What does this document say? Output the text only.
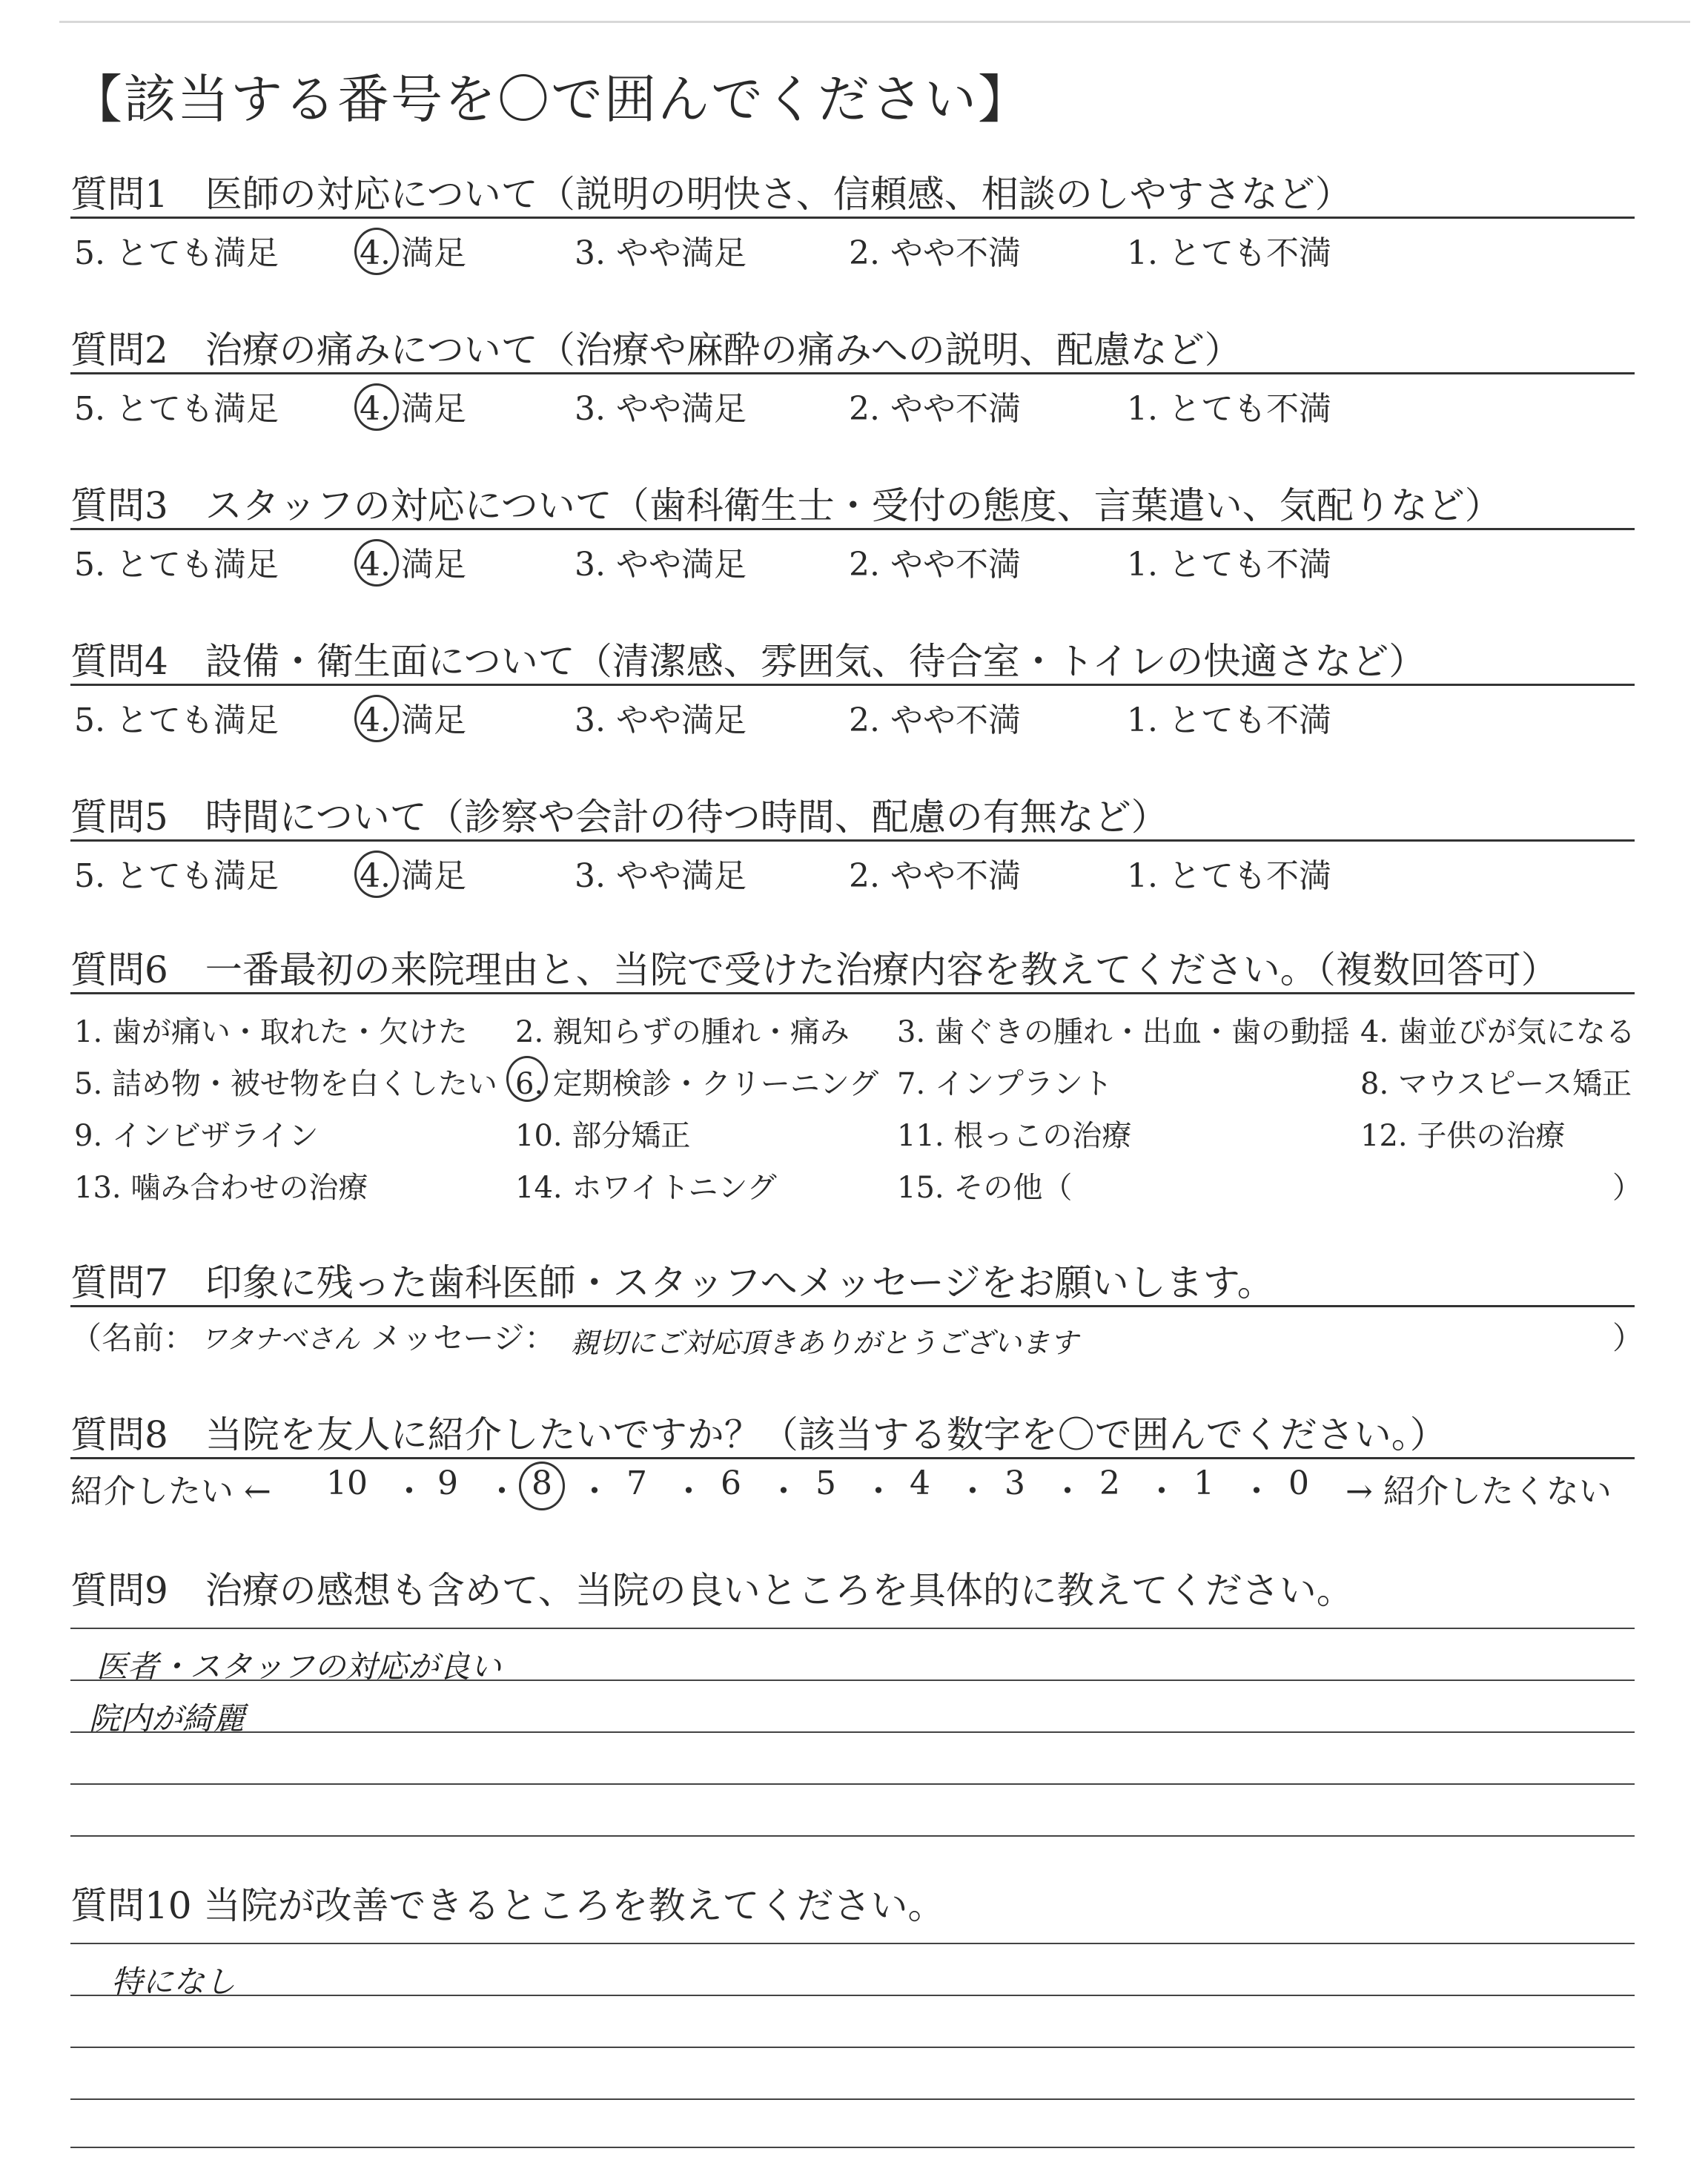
【該当する番号を〇で囲んでください】
質問1　医師の対応について（説明の明快さ、信頼感、相談のしやすさなど）
5. とても満足 4. 満足	3. やや満足	2. やや不満	1. とても不満
質問2　治療の痛みについて（治療や麻酔の痛みへの説明、配慮など）
5. とても満足 4. 満足	3. やや満足	2. やや不満	1. とても不満
質問3　スタッフの対応について（歯科衛生士・受付の態度、言葉遣い、気配りなど）
5. とても満足 4. 満足	3. やや満足	2. やや不満	1. とても不満
質問4　設備・衛生面について（清潔感、雰囲気、待合室・トイレの快適さなど）
5. とても満足 4. 満足	3. やや満足	2. やや不満	1. とても不満
質問5　時間について（診察や会計の待つ時間、配慮の有無など）
5. とても満足 4. 満足	3. やや満足	2. やや不満	1. とても不満
質問6　一番最初の来院理由と、当院で受けた治療内容を教えてください。（複数回答可）
1. 歯が痛い・取れた・欠けた 2. 親知らずの腫れ・痛み 3. 歯ぐきの腫れ・出血・歯の動揺 4. 歯並びが気になる
5. 詰め物・被せ物を白くしたい 6. 定期検診・クリーニング 7. インプラント	8. マウスピース矯正
9. インビザライン	10. 部分矯正	11. 根っこの治療	12. 子供の治療
13. 噛み合わせの治療	14. ホワイトニング	15. その他（	）
質問7　印象に残った歯科医師・スタッフへメッセージをお願いします。
（名前： ワタナベさん メッセージ： 親切にご対応頂きありがとうございます	）
質問8　当院を友人に紹介したいですか？（該当する数字を〇で囲んでください。）
紹介したい ← 10 ・ 9 ・ 8 ・ 7 ・ 6 ・ 5 ・ 4 ・ 3 ・ 2 ・ 1 ・ 0 → 紹介したくない
質問9　治療の感想も含めて、当院の良いところを具体的に教えてください。
医者・スタッフの対応が良い
院内が綺麗
質問10 当院が改善できるところを教えてください。
特になし
